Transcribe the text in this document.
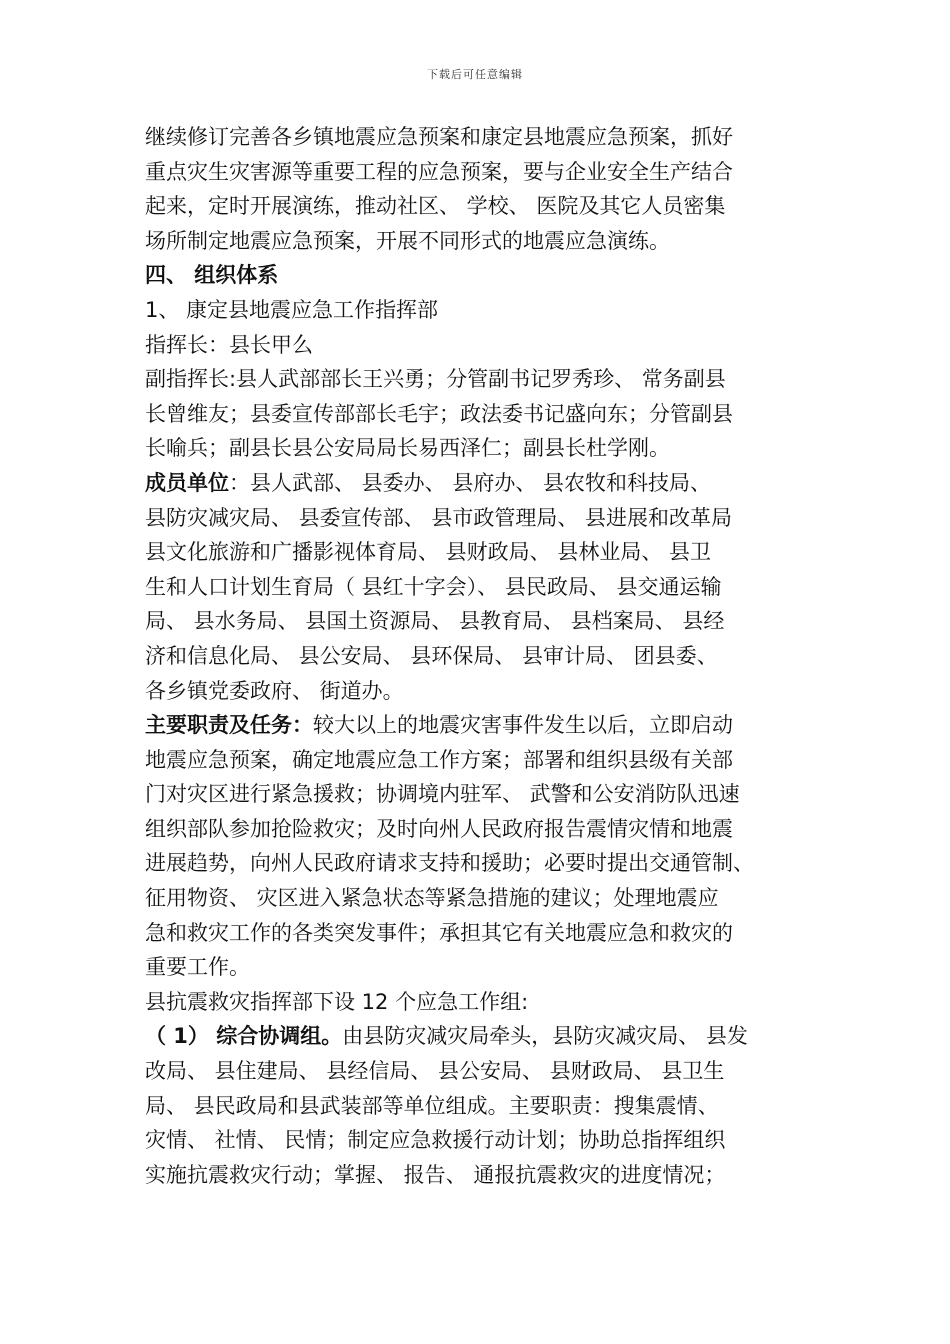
下载后可任意编辑
继续修订完善各乡镇地震应急预案和康定县地震应急预案，抓好
重点灾生灾害源等重要工程的应急预案，要与企业安全生产结合
起来，定时开展演练，推动社区、 学校、 医院及其它人员密集
场所制定地震应急预案，开展不同形式的地震应急演练。
四、 组织体系
1、 康定县地震应急工作指挥部
指挥长：县长甲么
副指挥长:县人武部部长王兴勇；分管副书记罗秀珍、 常务副县
长曾维友；县委宣传部部长毛宇；政法委书记盛向东；分管副县
长喻兵；副县长县公安局局长易西泽仁；副县长杜学刚。
成员单位：县人武部、 县委办、 县府办、 县农牧和科技局、
县防灾减灾局、 县委宣传部、 县市政管理局、 县进展和改革局
县文化旅游和广播影视体育局、 县财政局、 县林业局、 县卫
生和人口计划生育局（ 县红十字会）、 县民政局、 县交通运输
局、 县水务局、 县国土资源局、 县教育局、 县档案局、 县经
济和信息化局、 县公安局、 县环保局、 县审计局、 团县委、
各乡镇党委政府、 街道办。
主要职责及任务：较大以上的地震灾害事件发生以后，立即启动
地震应急预案，确定地震应急工作方案；部署和组织县级有关部
门对灾区进行紧急援救；协调境内驻军、 武警和公安消防队迅速
组织部队参加抢险救灾；及时向州人民政府报告震情灾情和地震
进展趋势，向州人民政府请求支持和援助；必要时提出交通管制、
征用物资、 灾区进入紧急状态等紧急措施的建议；处理地震应
急和救灾工作的各类突发事件；承担其它有关地震应急和救灾的
重要工作。
县抗震救灾指挥部下设 12 个应急工作组:
（ 1） 综合协调组。由县防灾减灾局牵头，县防灾减灾局、 县发
改局、 县住建局、 县经信局、 县公安局、 县财政局、 县卫生
局、 县民政局和县武装部等单位组成。主要职责：搜集震情、
灾情、 社情、 民情；制定应急救援行动计划；协助总指挥组织
实施抗震救灾行动；掌握、 报告、 通报抗震救灾的进度情况；
